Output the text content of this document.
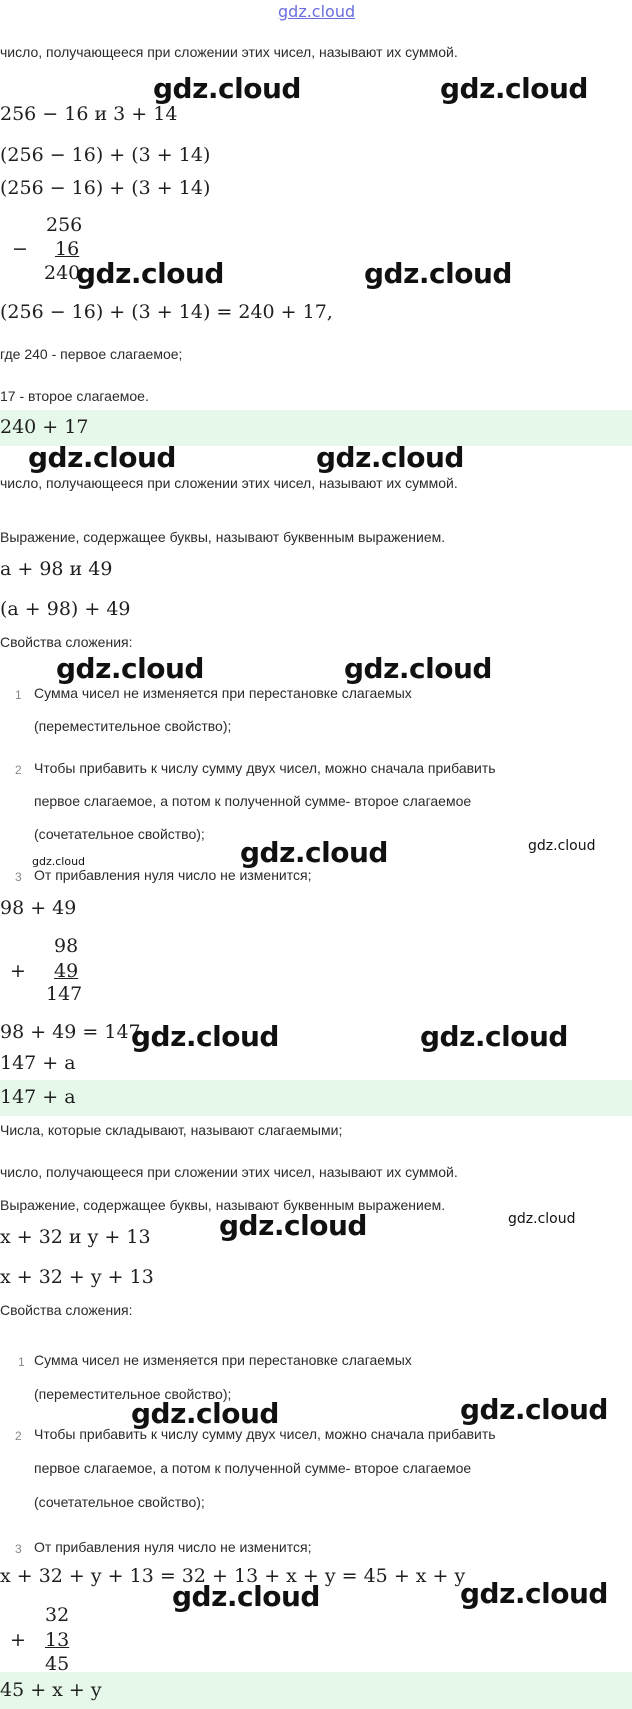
gdz.cloud
число, получающееся при сложении этих чисел, называют их суммой.
256 − 16 и 3 + 14
(256 − 16) + (3 + 14)
(256 − 16) + (3 + 14)
−
256
16
240
(256 − 16) + (3 + 14) = 240 + 17,
где 240 - первое слагаемое;
17 - второе слагаемое.
240 + 17
число, получающееся при сложении этих чисел, называют их суммой.
Выражение, содержащее буквы, называют буквенным выражением.
a + 98 и 49
(a + 98) + 49
Свойства сложения:
1 Сумма чисел не изменяется при перестановке слагаемых
(переместительное свойство);
2 Чтобы прибавить к числу сумму двух чисел, можно сначала прибавить
первое слагаемое, а потом к полученной сумме- второе слагаемое
(сочетательное свойство);
3 От прибавления нуля число не изменится;
98 + 49
+
98
49
147
98 + 49 = 147
147 + a
147 + a
Числа, которые складывают, называют слагаемыми;
число, получающееся при сложении этих чисел, называют их суммой.
Выражение, содержащее буквы, называют буквенным выражением.
x + 32 и y + 13
x + 32 + y + 13
Свойства сложения:
1 Сумма чисел не изменяется при перестановке слагаемых
(переместительное свойство);
2 Чтобы прибавить к числу сумму двух чисел, можно сначала прибавить
первое слагаемое, а потом к полученной сумме- второе слагаемое
(сочетательное свойство);
3 От прибавления нуля число не изменится;
x + 32 + y + 13 = 32 + 13 + x + y = 45 + x + y
+
32
13
45
45 + x + y
gdz.cloud	gdz.cloud
gdz.cloud	gdz.cloud
gdz.cloud	gdz.cloud
gdz.cloud	gdz.cloud
gdz.cloud	gdz.cloud
gdz.cloud
gdz.cloud	gdz.cloud
gdz.cloud	gdz.cloud
gdz.cloud	gdz.cloud
gdz.cloud	gdz.cloud
